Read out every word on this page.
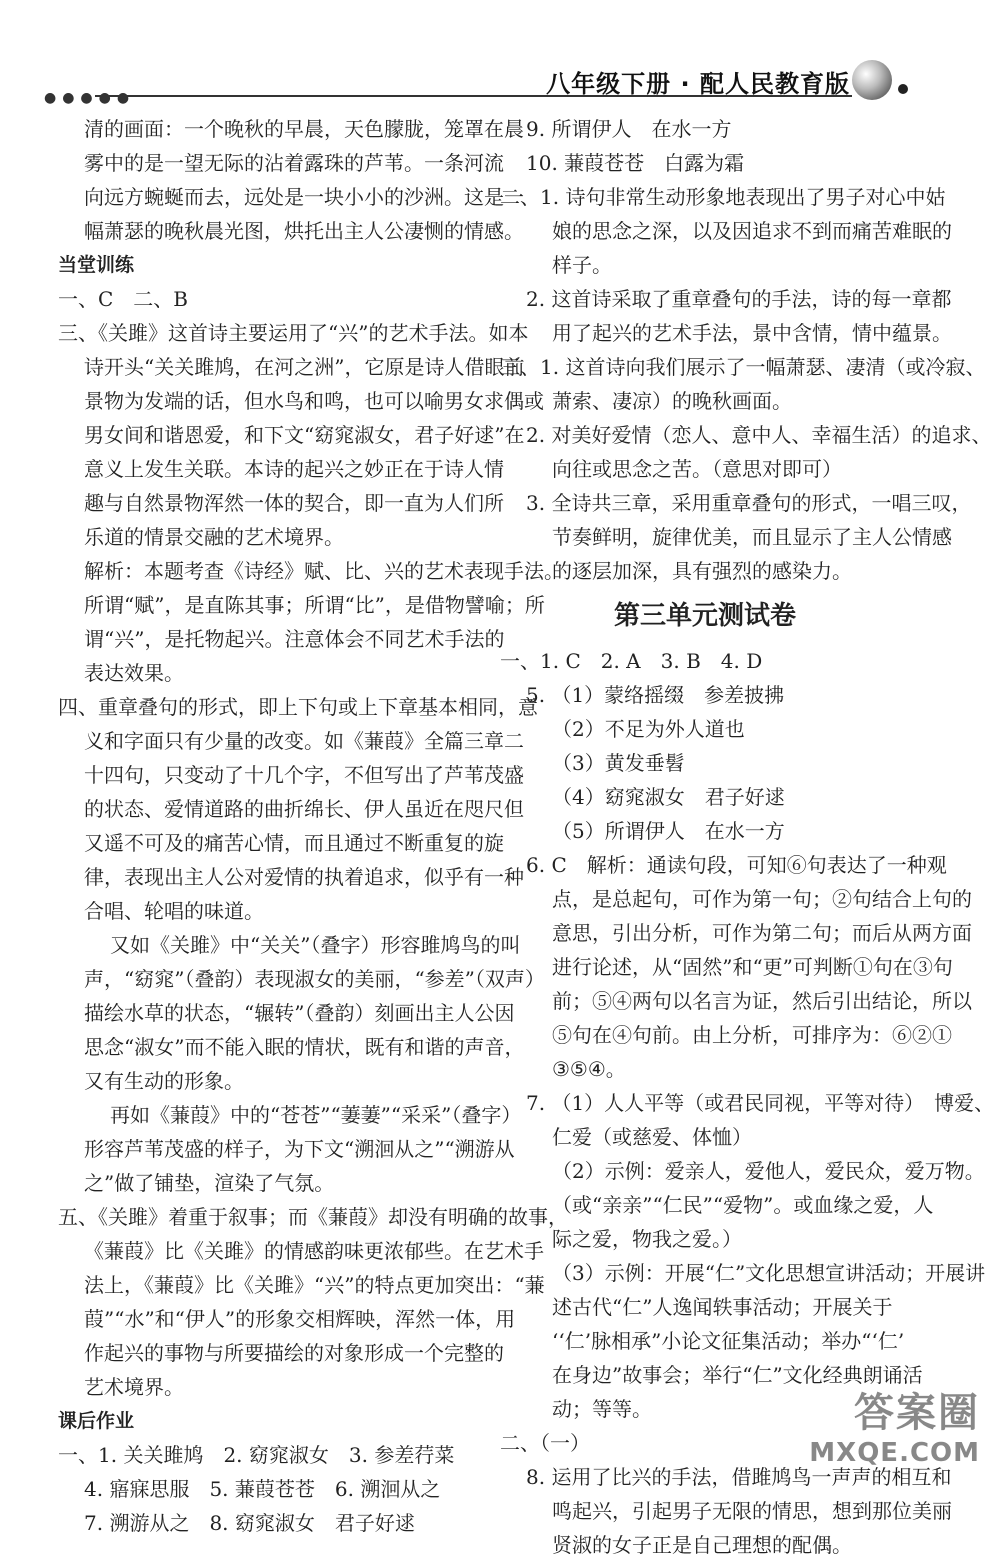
●●●●●	八年级下册 · 配人民教育版
清的画面：一个晚秋的早晨，天色朦胧，笼罩在晨
雾中的是一望无际的沾着露珠的芦苇。一条河流
向远方蜿蜒而去，远处是一块小小的沙洲。这是一
幅萧瑟的晚秋晨光图，烘托出主人公凄恻的情感。
当堂训练
一、C　二、B
三、《关雎》这首诗主要运用了“兴”的艺术手法。如本
诗开头“关关雎鸠，在河之洲”，它原是诗人借眼前
景物为发端的话，但水鸟和鸣，也可以喻男女求偶或
男女间和谐恩爱，和下文“窈窕淑女，君子好逑”在
意义上发生关联。本诗的起兴之妙正在于诗人情
趣与自然景物浑然一体的契合，即一直为人们所
乐道的情景交融的艺术境界。
解析：本题考查《诗经》赋、比、兴的艺术表现手法。
所谓“赋”，是直陈其事；所谓“比”，是借物譬喻；所
谓“兴”，是托物起兴。注意体会不同艺术手法的
表达效果。
四、重章叠句的形式，即上下句或上下章基本相同，意
义和字面只有少量的改变。如《蒹葭》全篇三章二
十四句，只变动了十几个字，不但写出了芦苇茂盛
的状态、爱情道路的曲折绵长、伊人虽近在咫尺但
又遥不可及的痛苦心情，而且通过不断重复的旋
律，表现出主人公对爱情的执着追求，似乎有一种
合唱、轮唱的味道。
又如《关雎》中“关关”（叠字）形容雎鸠鸟的叫
声，“窈窕”（叠韵）表现淑女的美丽，“参差”（双声）
描绘水草的状态，“辗转”（叠韵）刻画出主人公因
思念“淑女”而不能入眠的情状，既有和谐的声音，
又有生动的形象。
再如《蒹葭》中的“苍苍”“萋萋”“采采”（叠字）
形容芦苇茂盛的样子，为下文“溯洄从之”“溯游从
之”做了铺垫，渲染了气氛。
五、《关雎》着重于叙事；而《蒹葭》却没有明确的故事，
《蒹葭》比《关雎》的情感韵味更浓郁些。在艺术手
法上，《蒹葭》比《关雎》“兴”的特点更加突出：“蒹
葭”“水”和“伊人”的形象交相辉映，浑然一体，用
作起兴的事物与所要描绘的对象形成一个完整的
艺术境界。
课后作业
一、1. 关关雎鸠　2. 窈窕淑女　3. 参差荇菜
4. 寤寐思服　5. 蒹葭苍苍　6. 溯洄从之
7. 溯游从之　8. 窈窕淑女　君子好逑
9. 所谓伊人　在水一方
10. 蒹葭苍苍　白露为霜
二、1. 诗句非常生动形象地表现出了男子对心中姑
娘的思念之深，以及因追求不到而痛苦难眠的
样子。
2. 这首诗采取了重章叠句的手法，诗的每一章都
用了起兴的艺术手法，景中含情，情中蕴景。
三、1. 这首诗向我们展示了一幅萧瑟、凄清（或冷寂、
萧索、凄凉）的晚秋画面。
2. 对美好爱情（恋人、意中人、幸福生活）的追求、
向往或思念之苦。（意思对即可）
3. 全诗共三章，采用重章叠句的形式，一唱三叹，
节奏鲜明，旋律优美，而且显示了主人公情感
的逐层加深，具有强烈的感染力。
第三单元测试卷
一、1. C　2. A　3. B　4. D
5. （1）蒙络摇缀　参差披拂
（2）不足为外人道也
（3）黄发垂髫
（4）窈窕淑女　君子好逑
（5）所谓伊人　在水一方
6. C　解析：通读句段，可知⑥句表达了一种观
点，是总起句，可作为第一句；②句结合上句的
意思，引出分析，可作为第二句；而后从两方面
进行论述，从“固然”和“更”可判断①句在③句
前；⑤④两句以名言为证，然后引出结论，所以
⑤句在④句前。由上分析，可排序为：⑥②①
③⑤④。
7. （1）人人平等（或君民同视，平等对待）　博爱、
仁爱（或慈爱、体恤）
（2）示例：爱亲人，爱他人，爱民众，爱万物。
（或“亲亲”“仁民”“爱物”。或血缘之爱，人
际之爱，物我之爱。）
（3）示例：开展“仁”文化思想宣讲活动；开展讲
述古代“仁”人逸闻轶事活动；开展关于
‘‘仁’脉相承”小论文征集活动；举办“‘仁’
在身边”故事会；举行“仁”文化经典朗诵活
动；等等。
二、（一）
8. 运用了比兴的手法，借雎鸠鸟一声声的相互和
鸣起兴，引起男子无限的情思，想到那位美丽
贤淑的女子正是自己理想的配偶。
答案圈
MXQE.COM
